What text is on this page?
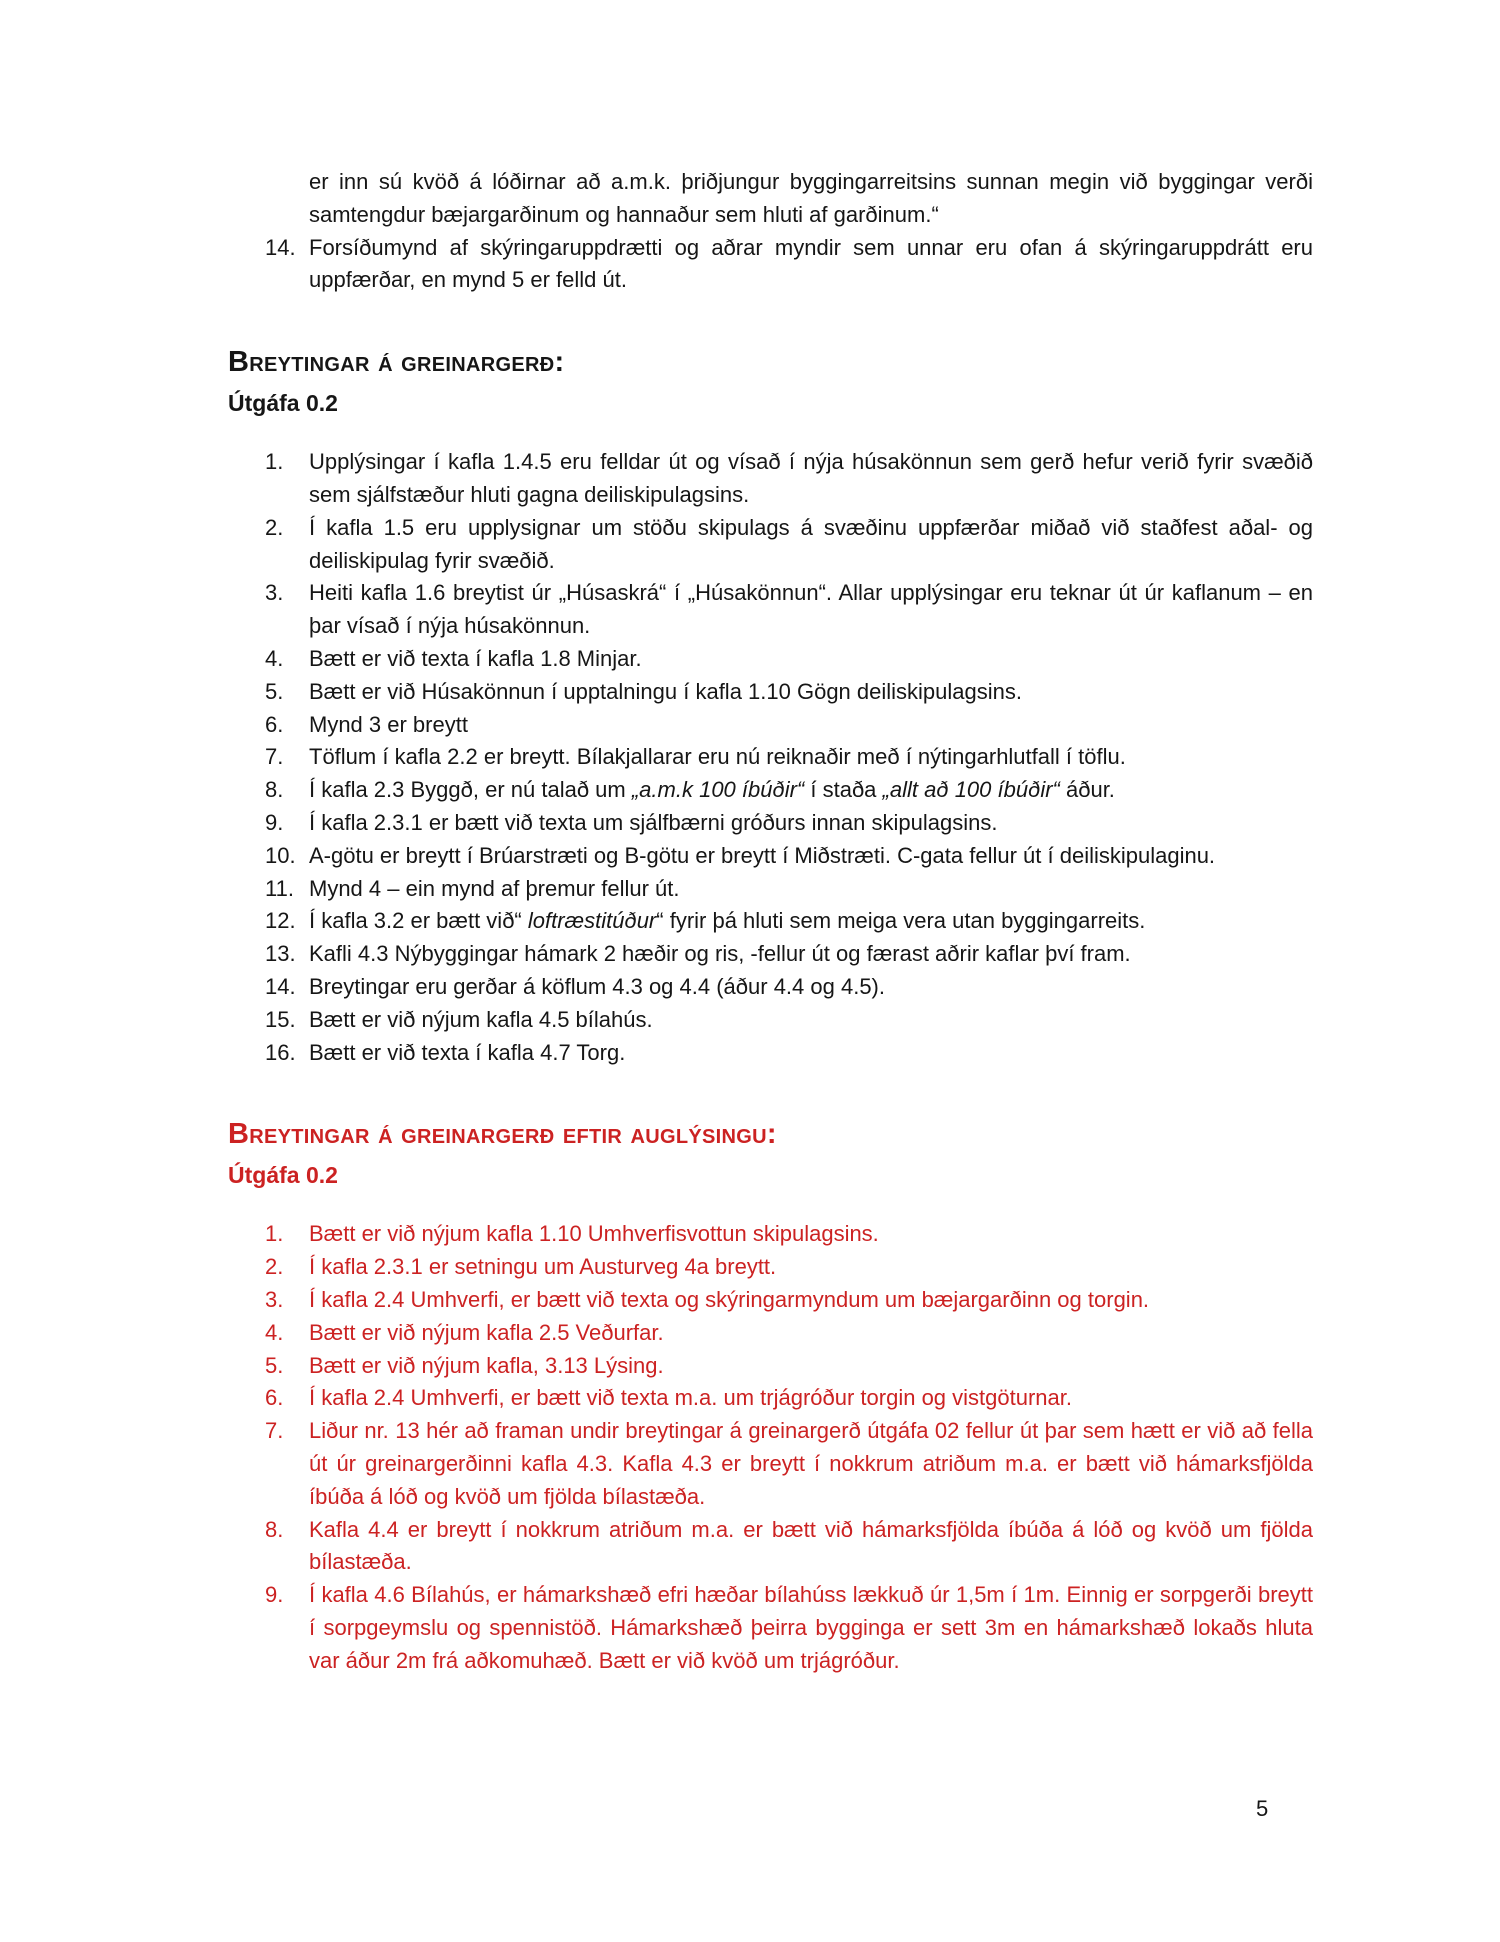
er inn sú kvöð á lóðirnar að a.m.k. þriðjungur byggingarreitsins sunnan megin við byggingar verði samtengdur bæjargarðinum og hannaður sem hluti af garðinum.“

14. Forsíðumynd af skýringaruppdrætti og aðrar myndir sem unnar eru ofan á skýringaruppdrátt eru uppfærðar, en mynd 5 er felld út.
Breytingar á greinargerð:
Útgáfa 0.2
1. Upplýsingar í kafla 1.4.5 eru felldar út og vísað í nýja húsakönnun sem gerð hefur verið fyrir svæðið sem sjálfstæður hluti gagna deiliskipulagsins.
2. Í kafla 1.5 eru upplysignar um stöðu skipulags á svæðinu uppfærðar miðað við staðfest aðal- og deiliskipulag fyrir svæðið.
3. Heiti kafla 1.6 breytist úr „Húsaskrá“ í „Húsakönnun“. Allar upplýsingar eru teknar út úr kaflanum – en þar vísað í nýja húsakönnun.
4. Bætt er við texta í kafla 1.8 Minjar.
5. Bætt er við Húsakönnun í upptalningu í kafla 1.10 Gögn deiliskipulagsins.
6. Mynd 3 er breytt
7. Töflum í kafla 2.2 er breytt. Bílakjallarar eru nú reiknaðir með í nýtingarhlutfall í töflu.
8. Í kafla 2.3 Byggð, er nú talað um „a.m.k 100 íbúðir“ í staða „allt að 100 íbúðir“ áður.
9. Í kafla 2.3.1 er bætt við texta um sjálfbærni gróðurs innan skipulagsins.
10. A-götu er breytt í Brúarstræti og B-götu er breytt í Miðstræti. C-gata fellur út í deiliskipulaginu.
11. Mynd 4 – ein mynd af þremur fellur út.
12. Í kafla 3.2 er bætt við“ loftræstitúður“ fyrir þá hluti sem meiga vera utan byggingarreits.
13. Kafli 4.3 Nýbyggingar hámark 2 hæðir og ris, -fellur út og færast aðrir kaflar því fram.
14. Breytingar eru gerðar á köflum 4.3 og 4.4 (áður 4.4 og 4.5).
15. Bætt er við nýjum kafla 4.5 bílahús.
16. Bætt er við texta í kafla 4.7 Torg.
Breytingar á greinargerð eftir auglýsingu:
Útgáfa 0.2
1. Bætt er við nýjum kafla 1.10 Umhverfisvottun skipulagsins.
2. Í kafla 2.3.1 er setningu um Austurveg 4a breytt.
3. Í kafla 2.4 Umhverfi, er bætt við texta og skýringarmyndum um bæjargarðinn og torgin.
4. Bætt er við nýjum kafla 2.5 Veðurfar.
5. Bætt er við nýjum kafla, 3.13 Lýsing.
6. Í kafla 2.4 Umhverfi, er bætt við texta m.a. um trjágróður torgin og vistgöturnar.
7. Liður nr. 13 hér að framan undir breytingar á greinargerð útgáfa 02 fellur út þar sem hætt er við að fella út úr greinargerðinni kafla 4.3. Kafla 4.3 er breytt í nokkrum atriðum m.a. er bætt við hámarksfjölda íbúða á lóð og kvöð um fjölda bílastæða.
8. Kafla 4.4 er breytt í nokkrum atriðum m.a. er bætt við hámarksfjölda íbúða á lóð og kvöð um fjölda bílastæða.
9. Í kafla 4.6 Bílahús, er hámarkshæð efri hæðar bílahúss lækkuð úr 1,5m í 1m. Einnig er sorpgerði breytt í sorpgeymslu og spennistöð. Hámarkshæð þeirra bygginga er sett 3m en hámarkshæð lokaðs hluta var áður 2m frá aðkomuhæð. Bætt er við kvöð um trjágróður.
5
